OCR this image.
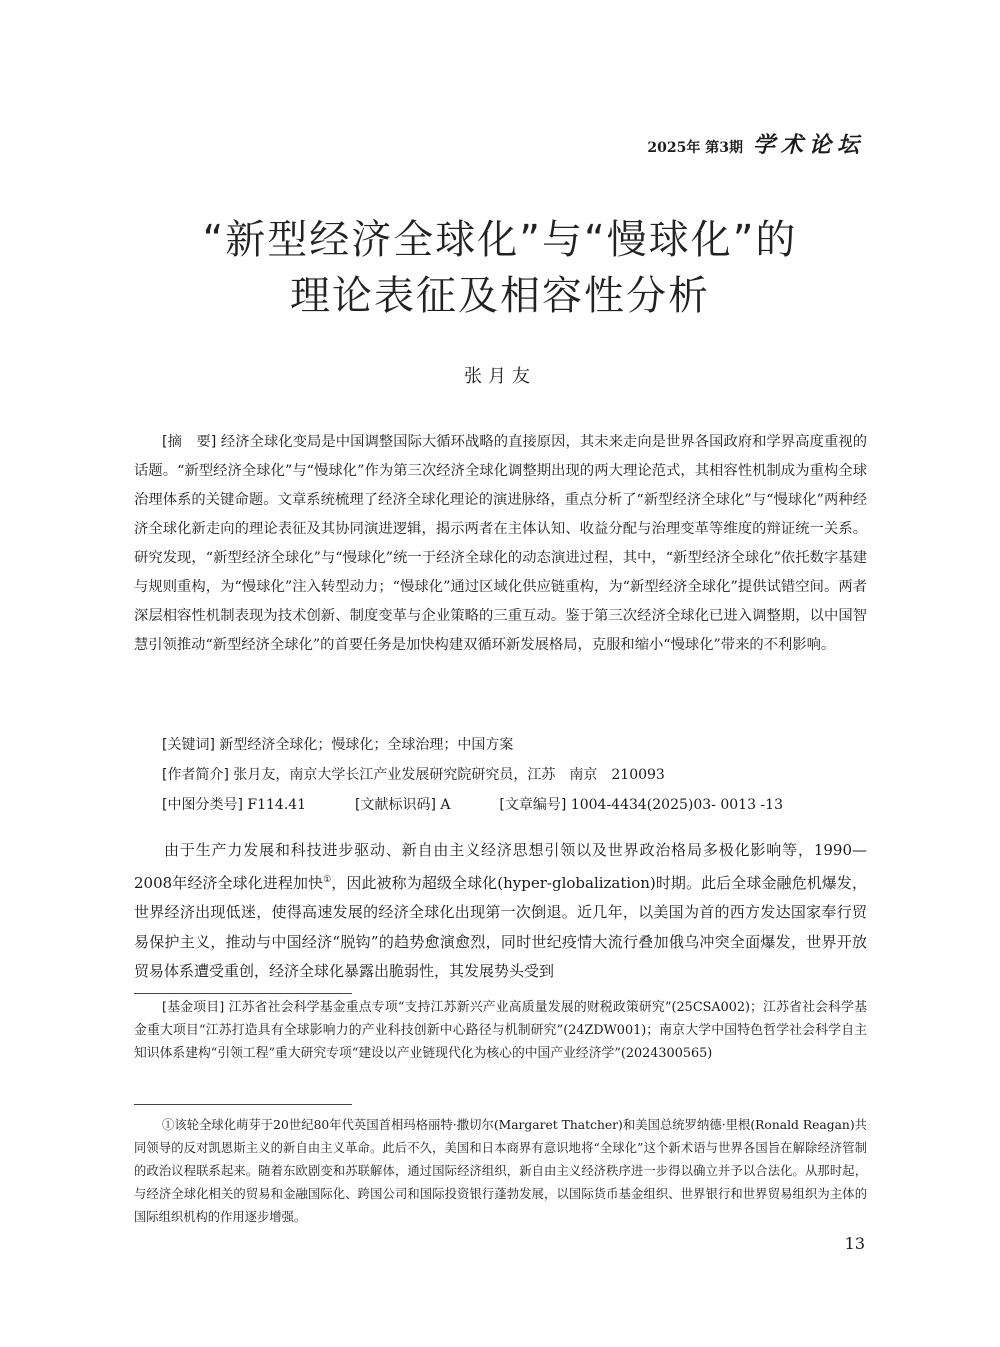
2025年 第3期 学术论坛
“新型经济全球化”与“慢球化”的
理论表征及相容性分析
张月友
[摘　要] 经济全球化变局是中国调整国际大循环战略的直接原因，其未来走向是世界各国政府和学界高度重视的话题。“新型经济全球化”与“慢球化”作为第三次经济全球化调整期出现的两大理论范式，其相容性机制成为重构全球治理体系的关键命题。文章系统梳理了经济全球化理论的演进脉络，重点分析了“新型经济全球化”与“慢球化”两种经济全球化新走向的理论表征及其协同演进逻辑，揭示两者在主体认知、收益分配与治理变革等维度的辩证统一关系。研究发现，“新型经济全球化”与“慢球化”统一于经济全球化的动态演进过程，其中，“新型经济全球化”依托数字基建与规则重构，为“慢球化”注入转型动力；“慢球化”通过区域化供应链重构，为“新型经济全球化”提供试错空间。两者深层相容性机制表现为技术创新、制度变革与企业策略的三重互动。鉴于第三次经济全球化已进入调整期，以中国智慧引领推动“新型经济全球化”的首要任务是加快构建双循环新发展格局，克服和缩小“慢球化”带来的不利影响。
[关键词] 新型经济全球化；慢球化；全球治理；中国方案
[作者简介] 张月友，南京大学长江产业发展研究院研究员，江苏　南京　210093
[中图分类号] F114.41	[文献标识码] A	[文章编号] 1004-4434(2025)03- 0013 -13
由于生产力发展和科技进步驱动、新自由主义经济思想引领以及世界政治格局多极化影响等，1990—2008年经济全球化进程加快①，因此被称为超级全球化(hyper-globalization)时期。此后全球金融危机爆发，世界经济出现低迷，使得高速发展的经济全球化出现第一次倒退。近几年，以美国为首的西方发达国家奉行贸易保护主义，推动与中国经济“脱钩”的趋势愈演愈烈，同时世纪疫情大流行叠加俄乌冲突全面爆发，世界开放贸易体系遭受重创，经济全球化暴露出脆弱性，其发展势头受到
[基金项目] 江苏省社会科学基金重点专项“支持江苏新兴产业高质量发展的财税政策研究”(25CSA002)；江苏省社会科学基金重大项目“江苏打造具有全球影响力的产业科技创新中心路径与机制研究”(24ZDW001)；南京大学中国特色哲学社会科学自主知识体系建构“引领工程”重大研究专项“建设以产业链现代化为核心的中国产业经济学”(2024300565)
①该轮全球化萌芽于20世纪80年代英国首相玛格丽特·撒切尔(Margaret Thatcher)和美国总统罗纳德·里根(Ronald Reagan)共同领导的反对凯恩斯主义的新自由主义革命。此后不久，美国和日本商界有意识地将“全球化”这个新术语与世界各国旨在解除经济管制的政治议程联系起来。随着东欧剧变和苏联解体，通过国际经济组织，新自由主义经济秩序进一步得以确立并予以合法化。从那时起，与经济全球化相关的贸易和金融国际化、跨国公司和国际投资银行蓬勃发展，以国际货币基金组织、世界银行和世界贸易组织为主体的国际组织机构的作用逐步增强。
13
